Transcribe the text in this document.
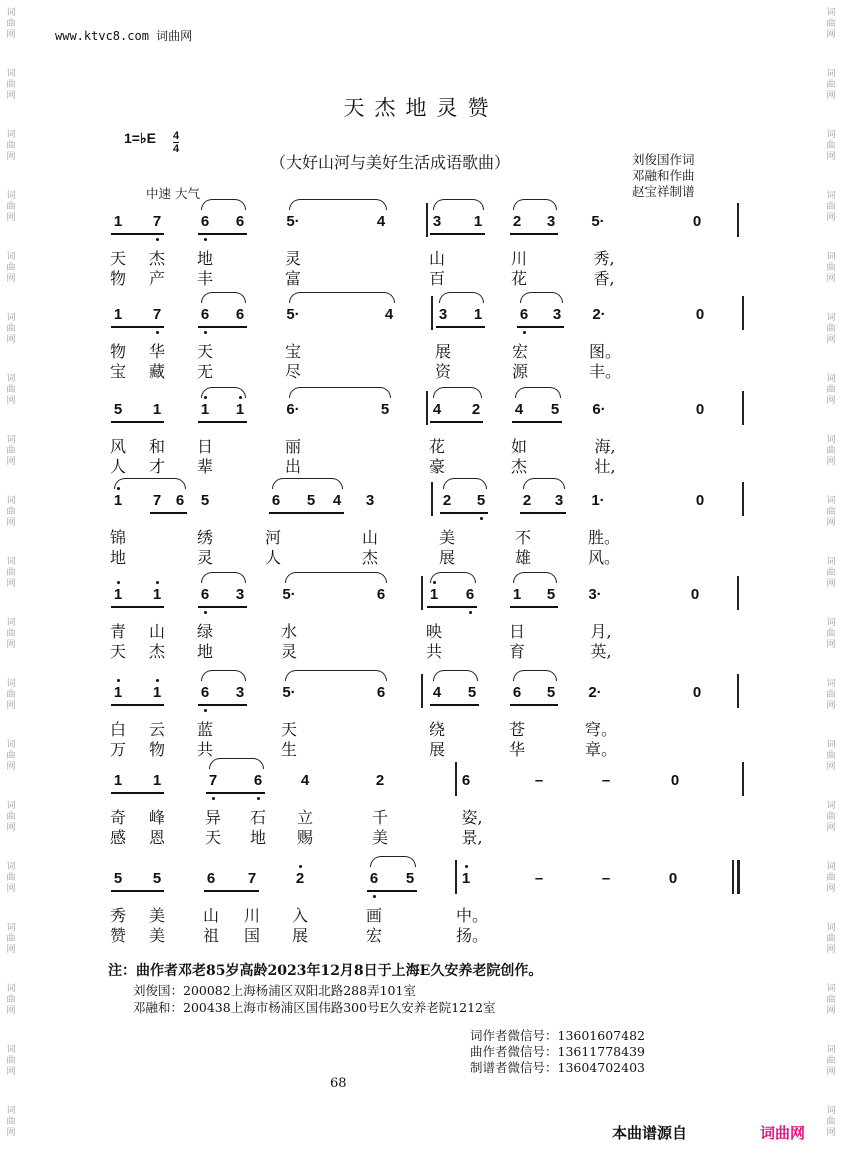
词
曲
网
词
曲
网
词
曲
网
词
曲
网
词
曲
网
词
曲
网
词
曲
网
词
曲
网
词
曲
网
词
曲
网
词
曲
网
词
曲
网
词
曲
网
词
曲
网
词
曲
网
词
曲
网
词
曲
网
词
曲
网
词
曲
网
词
曲
网
词
曲
网
词
曲
网
词
曲
网
词
曲
网
词
曲
网
词
曲
网
词
曲
网
词
曲
网
词
曲
网
词
曲
网
词
曲
网
词
曲
网
词
曲
网
词
曲
网
词
曲
网
词
曲
网
词
曲
网
词
曲
网
www.ktvc8.com 词曲网
天杰地灵赞
1=♭E $\frac{4}{4}$
（大好山河与美好生活成语歌曲）	刘俊国作词
邓融和作曲
赵宝祥制谱
中速 大气
1 7	6 6	5·	4	3 1 2 3 5·	0
天 杰 地	灵	山	川	秀,
物 产 丰	富	百	花	香,
1 7	6 6	5·	4	3 1	6 3 2·	0
物 华 天	宝	展	宏	图。
宝 藏 无	尽	资	源	丰。
5 1	1 1	6·	5	4 2 4 5 6·	0
风 和 日	丽	花	如	海,
人 才 辈	出	豪	杰	壮,
1 7 6 5	6 5 4 3	2 5	2 3 1·	0
锦	绣	河	山	美	不	胜。
地	灵	人	杰	展	雄	风。
1 1	6 3	5·	6	1 6	1 5 3·	0
青 山 绿	水	映	日	月,
天 杰 地	灵	共	育	英,
1 1	6 3	5·	6	4 5 6 5 2·	0
白 云 蓝	天	绕	苍	穹。
万 物 共	生	展	华	章。
1 1	7 6	4	2	6	–	–	0
奇 峰 异 石 立	千	姿,
感 恩 天 地 赐	美	景,
5 5	6 7	2	6 5	1	–	–	0
秀 美 山 川 入	画	中。
赞 美 祖 国 展	宏	扬。
注：曲作者邓老85岁高龄2023年12月8日于上海E久安养老院创作。
刘俊国：200082上海杨浦区双阳北路288弄101室
邓融和：200438上海市杨浦区国伟路300号E久安养老院1212室
词作者微信号：13601607482
曲作者微信号：13611778439
制谱者微信号：13604702403
68
本曲谱源自	词曲网
